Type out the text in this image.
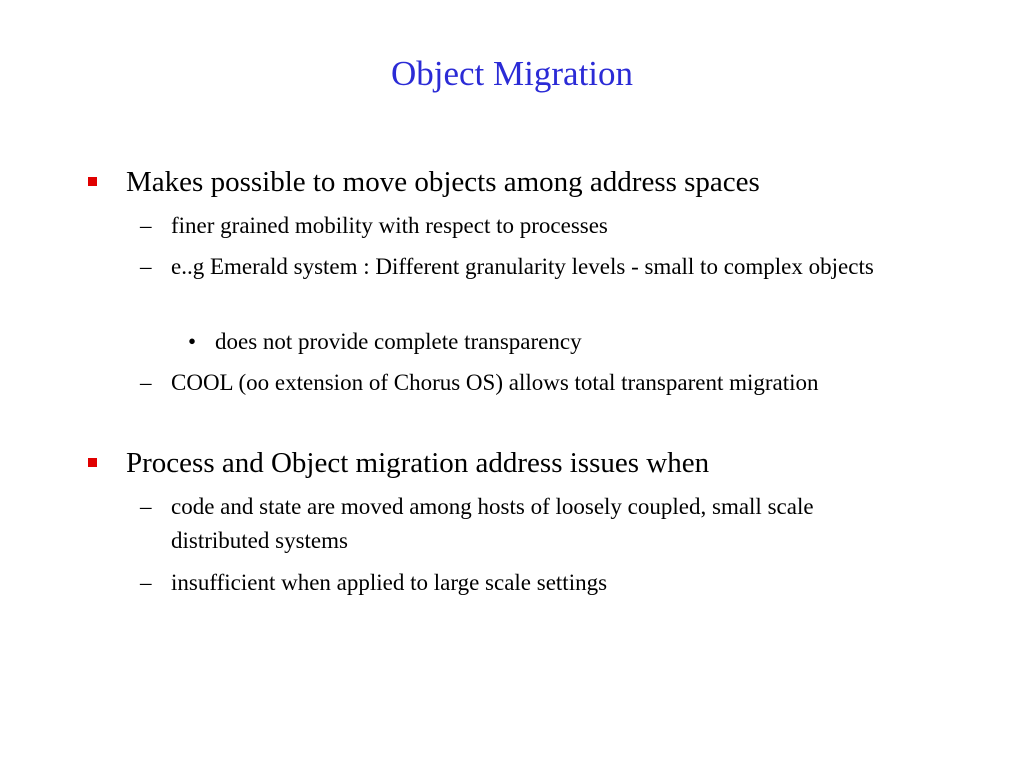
Object Migration
Makes possible to move objects among address spaces
– finer grained mobility with respect to processes
– e..g Emerald system : Different granularity levels - small to complex objects
• does not provide complete transparency
– COOL (oo extension of Chorus OS) allows total transparent migration
Process and Object migration address issues when
– code and state are moved among hosts of loosely coupled, small scale distributed systems
– insufficient when applied to large scale settings
